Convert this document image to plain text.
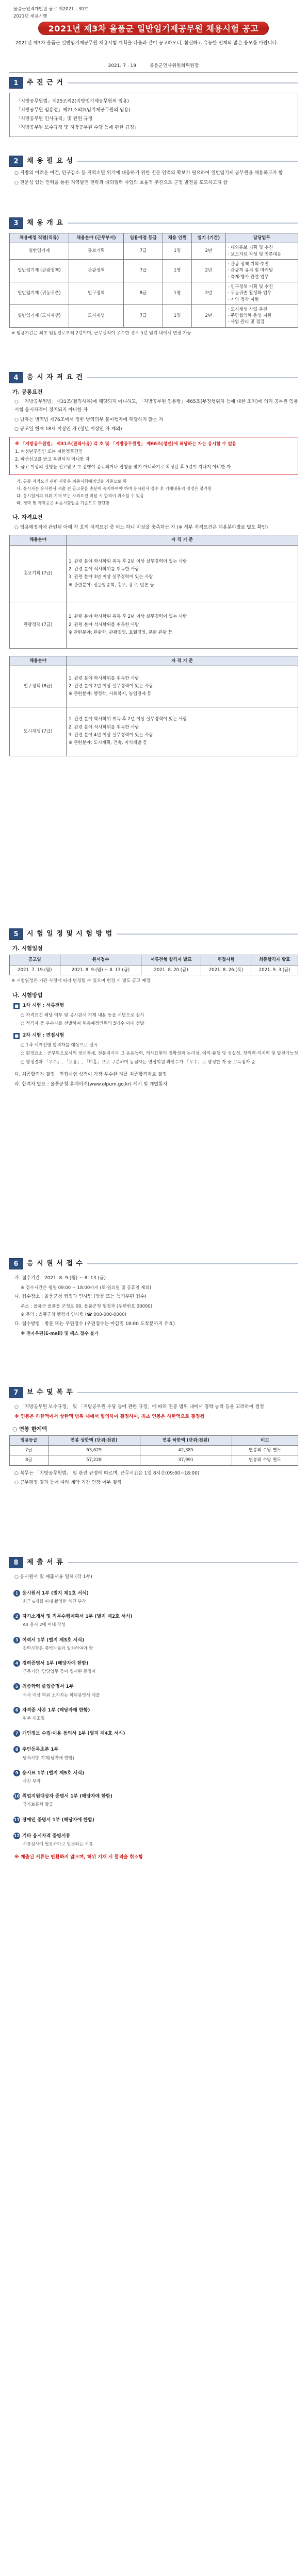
올품군인력개발원 공고 제2021 - 30호
2021년 채용시행
2021년 제3차 올품군 일반임기제공무원 채용시험 공고
2021년 제3차 올품군 일반임기제공무원 채용시험 계획을 다음과 같이 공고하오니, 참신하고 유능한 인재의 많은 응모를 바랍니다.
2021. 7 . 19.	올품군인사위원회위원장
1	추 진 근 거
「지방공무원법」제25조의2(지방임기제공무원의 임용)
「지방공무원 임용령」제21조의2(임기제공무원의 임용)
「지방공무원 인사규칙」및 관련 규정
「지방공무원 보수규정 및 지방공무원 수당 등에 관한 규정」
2	채 용 필 요 성

○ 지방의 어려운 여건, 인구감소 등 지역소멸 위기에 대응하기 위한 전문 인력의 확보가 필요하여 일반임기제 공무원을 채용하고자 함

○ 전문성 있는 인력을 통한 지역발전 전략과 대외협력 사업의 효율적 추진으로 군정 발전을 도모하고자 함

3	채 용 개 요
채용예정 직렬(직류)	채용분야 (근무부서)	임용예정 등급	채용 인원	임기 (기간)	담당업무
일반임기제	홍보기획	7급	1명	2년	· 대외홍보 기획 및 추진
· 보도자료 작성 및 언론대응
일반임기제 (관광정책)	관광정책	7급	1명	2년	· 관광 정책 기획·추진
· 관광객 유치 및 마케팅
· 축제·행사 관련 업무
일반임기제 (귀농귀촌)	인구정책	8급	1명	2년	· 인구정책 기획 및 추진
· 귀농귀촌 활성화 업무
· 지역 정착 지원
일반임기제 (도시재생)	도시재생	7급	1명	2년	· 도시재생 사업 추진
· 주민협의체 운영 지원
· 사업 관리 및 점검

※ 임용기간은 최초 임용일로부터 2년이며, 근무실적이 우수한 경우 5년 범위 내에서 연장 가능

4	응 시 자 격 요 건
가. 공통요건

○ 「지방공무원법」제31조(결격사유)에 해당되지 아니하고, 「지방공무원 임용령」제65조(부정행위자 등에 대한 조치)에 의거 공무원 임용시험 응시자격이 정지되지 아니한 자

○ 남자는 병역법 제76조에서 정한 병역의무 불이행자에 해당하지 않는 자

○ 공고일 현재 18세 이상인 자 (정년 이상인 자 제외)

※ 「지방공무원법」 제31조(결격사유) 각 호 및 「지방공무원법」 제66조(정년)에 해당하는 자는 응시할 수 없음
1. 피성년후견인 또는 피한정후견인
2. 파산선고를 받고 복권되지 아니한 자
3. 금고 이상의 실형을 선고받고 그 집행이 종료되거나 집행을 받지 아니하기로 확정된 후 5년이 지나지 아니한 자
가. 공통 자격요건 관련 사항은 최종시험예정일을 기준으로 함
나. 응시자는 응시원서 제출 전 공고문을 충분히 숙지하여야 하며 응시원서 접수 후 기재내용의 정정은 불가함
다. 응시원서의 허위 기재 또는 자격요건 미달 시 합격이 취소될 수 있음
라. 경력 및 자격증은 최종시험일을 기준으로 판단함
나. 자격요건

○ 임용예정직에 관련된 아래 각 호의 자격요건 중 어느 하나 이상을 충족하는 자 (※ 세부 자격요건은 채용분야별로 별도 확인)

채용분야	자 격 기 준
홍보기획 (7급)	1. 관련 분야 학사학위 취득 후 2년 이상 실무경력이 있는 사람
2. 관련 분야 석사학위를 취득한 사람
3. 관련 분야 3년 이상 실무경력이 있는 사람
※ 관련분야: 신문방송학, 홍보, 광고, 언론 등
관광정책 (7급)	1. 관련 분야 학사학위 취득 후 2년 이상 실무경력이 있는 사람
2. 관련 분야 석사학위를 취득한 사람
※ 관련분야: 관광학, 관광경영, 호텔경영, 문화 관광 등
채용분야	자 격 기 준
인구정책 (8급)	1. 관련 분야 학사학위를 취득한 사람
2. 관련 분야 2년 이상 실무경력이 있는 사람
※ 관련분야: 행정학, 사회복지, 농업경제 등
도시재생 (7급)	1. 관련 분야 학사학위 취득 후 2년 이상 실무경력이 있는 사람
2. 관련 분야 석사학위를 취득한 사람
3. 관련 분야 4년 이상 실무경력이 있는 사람
※ 관련분야: 도시계획, 건축, 지역개발 등
5	시 험 일 정 및 시 험 방 법
가. 시험일정
공고일	원서접수	서류전형 합격자 발표	면접시험	최종합격자 발표
2021. 7. 19.(월)	2021. 8. 9.(월) ~ 8. 13.(금)	2021. 8. 20.(금)	2021. 8. 26.(목)	2021. 9. 3.(금)

※ 시험일정은 기관 사정에 따라 변경될 수 있으며 변경 시 별도 공고 예정

나. 시험방법
■ 1차 시험 : 서류전형

○ 자격요건 해당 여부 및 응시원서 기재 내용 등을 서면으로 심사

○ 적격자 중 우수자를 선발하여 채용예정인원의 5배수 이내 선발

■ 2차 시험 : 면접시험

○ 1차 서류전형 합격자를 대상으로 실시

○ 평정요소 : 공무원으로서의 정신자세, 전문지식과 그 응용능력, 의사표현의 정확성과 논리성, 예의·품행 및 성실성, 창의력·의지력 및 발전가능성

○ 평정결과 「우수」, 「보통」, 「미흡」으로 구분하며 동점자는 면접위원 과반수가 「우수」로 평정한 자 중 고득점자 순

다. 최종합격자 결정 : 면접시험 성적이 가장 우수한 자를 최종합격자로 결정

라. 합격자 발표 : 올품군청 홈페이지(www.olpum.go.kr) 게시 및 개별통지

6	응 시 원 서 접 수

가. 접수기간 : 2021. 8. 9.(월) ~ 8. 13.(금)

※ 접수시간은 평일 09:00 ~ 18:00까지 (토·일요일 및 공휴일 제외)

나. 접수장소 : 올품군청 행정과 인사팀 (방문 또는 등기우편 접수)

주소 : 올품군 올품읍 군청로 00, 올품군청 행정과 (우편번호 00000)

※ 문의 : 올품군청 행정과 인사팀 (☎ 000-000-0000)

다. 접수방법 : 방문 또는 우편접수 (우편접수는 마감일 18:00 도착분까지 유효)

※ 전자우편(E-mail) 및 팩스 접수 불가

7	보 수 및 복 무

○ 「지방공무원 보수규정」 및 「지방공무원 수당 등에 관한 규정」에 따라 연봉 범위 내에서 경력·능력 등을 고려하여 결정

※ 연봉은 하한액에서 상한액 범위 내에서 협의하여 결정하며, 최초 연봉은 하한액으로 결정됨

○ 연봉 한계액
임용등급	연봉 상한액 (단위:천원)	연봉 하한액 (단위:천원)	비고
7급	63,629	42,385	연봉외 수당 별도
8급	57,228	37,991	연봉외 수당 별도

○ 복무는 「지방공무원법」 및 관련 규정에 따르며, 근무시간은 1일 8시간(09:00~18:00)

○ 근무평정 결과 등에 따라 계약 기간 연장 여부 결정

8	제 출 서 류

○ 응시원서 및 제출서류 일체 (각 1부)

1 응시원서 1부 (별지 제1호 서식)
최근 6개월 이내 촬영한 사진 부착
2 자기소개서 및 직무수행계획서 1부 (별지 제2호 서식)
A4 용지 2매 이내 작성
3 이력서 1부 (별지 제3호 서식)
경력사항은 증빙자료와 일치하여야 함
4 경력증명서 1부 (해당자에 한함)
근무기간, 담당업무 등이 명시된 증명서
5 최종학력 졸업증명서 1부
석사 이상 학위 소지자는 학위증명서 제출
6 자격증 사본 1부 (해당자에 한함)
원본 대조필
7 개인정보 수집·이용 동의서 1부 (별지 제4호 서식)
8 주민등록초본 1부
병적사항 기재(남자에 한함)
9 응시표 1부 (별지 제5호 서식)
사진 부착
10 취업지원대상자 증명서 1부 (해당자에 한함)
국가보훈처 발급
11 장애인 증명서 1부 (해당자에 한함)
12 기타 응시자격 증빙서류
서류심사에 필요하다고 인정되는 서류

※ 제출된 서류는 반환하지 않으며, 허위 기재 시 합격을 취소함
